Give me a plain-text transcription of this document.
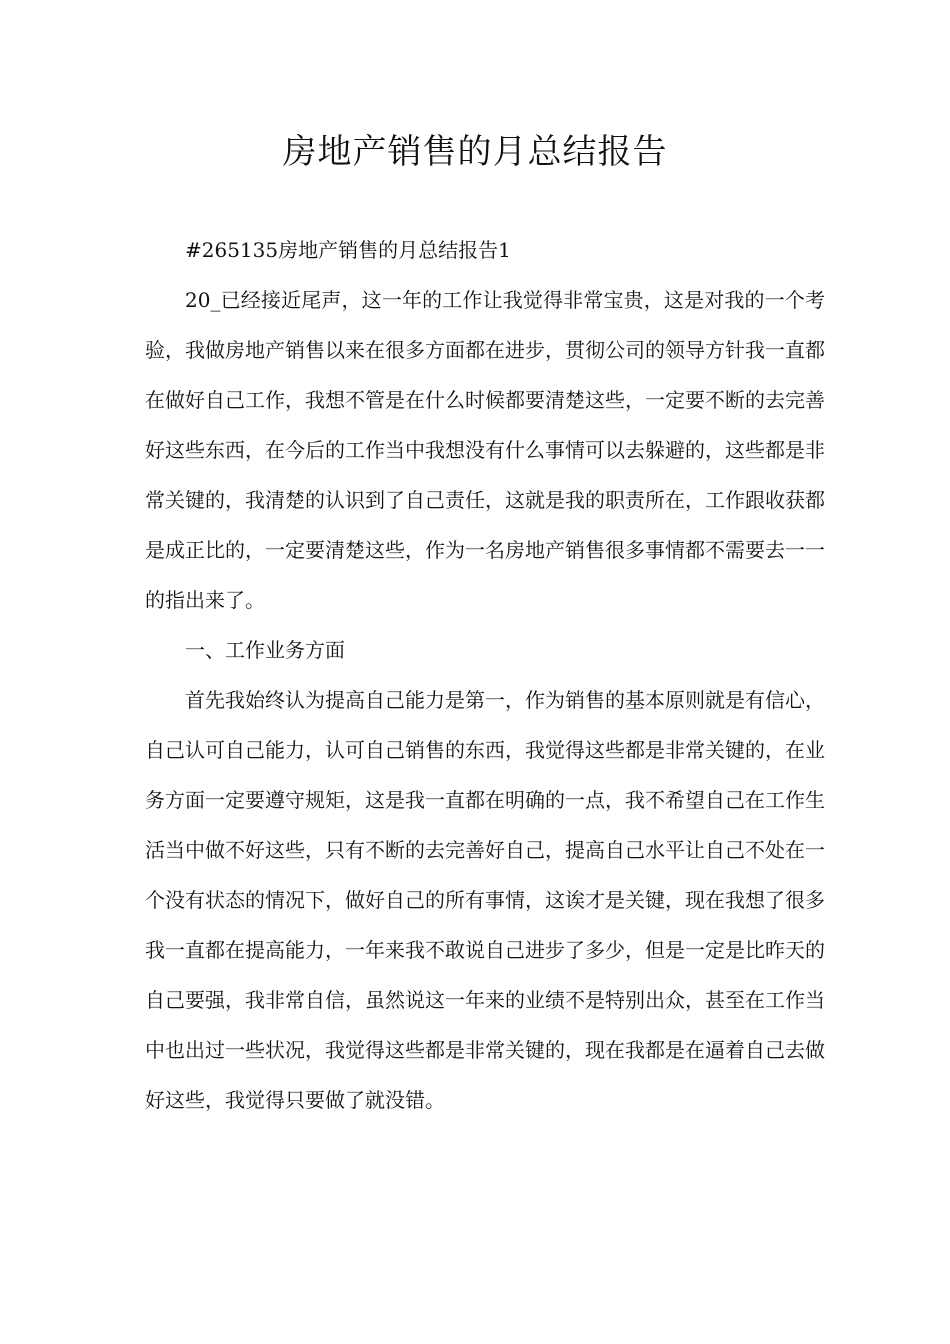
房地产销售的月总结报告

#265135房地产销售的月总结报告1

20_已经接近尾声，这一年的工作让我觉得非常宝贵，这是对我的一个考验，我做房地产销售以来在很多方面都在进步，贯彻公司的领导方针我一直都在做好自己工作，我想不管是在什么时候都要清楚这些，一定要不断的去完善好这些东西，在今后的工作当中我想没有什么事情可以去躲避的，这些都是非常关键的，我清楚的认识到了自己责任，这就是我的职责所在，工作跟收获都是成正比的，一定要清楚这些，作为一名房地产销售很多事情都不需要去一一的指出来了。

一、工作业务方面

首先我始终认为提高自己能力是第一，作为销售的基本原则就是有信心，自己认可自己能力，认可自己销售的东西，我觉得这些都是非常关键的，在业务方面一定要遵守规矩，这是我一直都在明确的一点，我不希望自己在工作生活当中做不好这些，只有不断的去完善好自己，提高自己水平让自己不处在一个没有状态的情况下，做好自己的所有事情，这诶才是关键，现在我想了很多我一直都在提高能力，一年来我不敢说自己进步了多少，但是一定是比昨天的自己要强，我非常自信，虽然说这一年来的业绩不是特别出众，甚至在工作当中也出过一些状况，我觉得这些都是非常关键的，现在我都是在逼着自己去做好这些，我觉得只要做了就没错。
